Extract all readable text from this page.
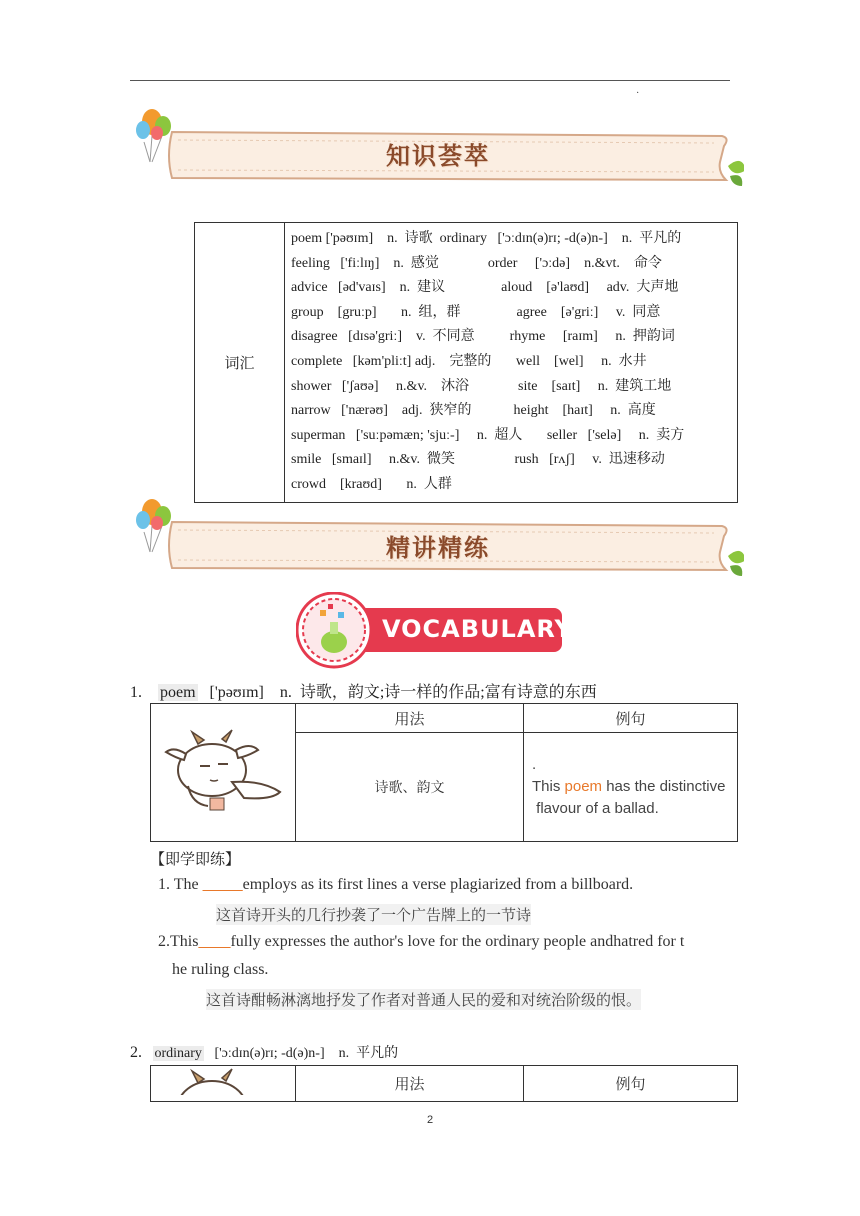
·
知识荟萃
词汇	
poem ['pəʊɪm]    n.  诗歌  ordinary   ['ɔːdɪn(ə)rɪ; -d(ə)n-]    n.  平凡的
feeling   ['fiːlɪŋ]    n.  感觉              order     ['ɔːdə]    n.&vt.    命令
advice   [əd'vaɪs]    n.  建议                aloud    [ə'laʊd]     adv.  大声地
group    [gruːp]       n.  组，群                agree    [ə'griː]     v.  同意
disagree   [dɪsə'griː]    v.  不同意          rhyme     [raɪm]     n.  押韵词
complete   [kəm'pliːt] adj.    完整的       well    [wel]     n.  水井
shower   ['ʃaʊə]     n.&v.    沐浴              site    [saɪt]     n.  建筑工地
narrow   ['nærəʊ]    adj.  狭窄的            height    [haɪt]     n.  高度
superman   ['suːpəmæn; 'sjuː-]     n.  超人       seller   ['selə]     n.  卖方
smile   [smaɪl]     n.&v.  微笑                 rush   [rʌʃ]     v.  迅速移动
crowd    [kraʊd]       n.  人群
精讲精练
VOCABULARY
1. poem ['pəʊɪm] n.  诗歌，韵文;诗一样的作品;富有诗意的东西
	用法	例句
	诗歌、韵文	.
This poem has the distinctive
flavour of a ballad.
【即学即练】
1. The _____employs as its first lines a verse plagiarized from a billboard.
这首诗开头的几行抄袭了一个广告牌上的一节诗
2.This____fully expresses the author's love for the ordinary people andhatred for t
he ruling class.
这首诗酣畅淋漓地抒发了作者对普通人民的爱和对统治阶级的恨。
2. ordinary ['ɔːdɪn(ə)rɪ; -d(ə)n-] n.  平凡的
	用法	例句
2
